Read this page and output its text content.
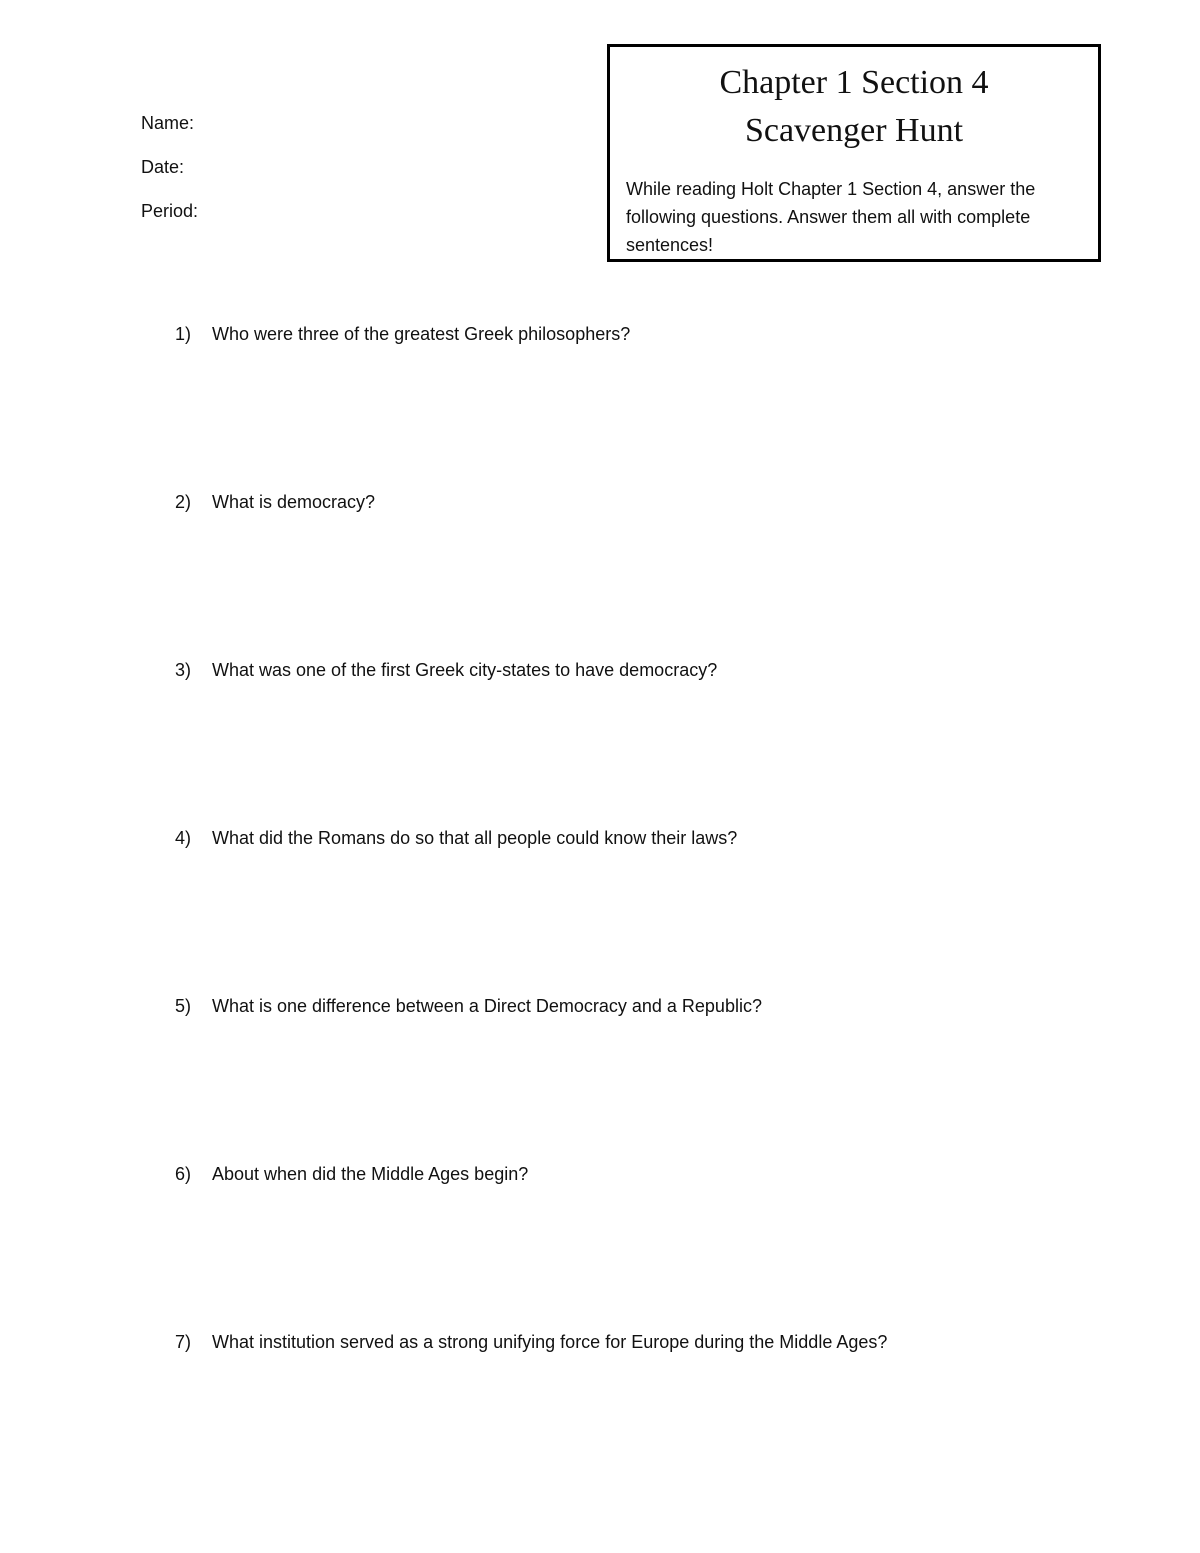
Name:
Date:
Period:
Chapter 1 Section 4
Scavenger Hunt
While reading Holt Chapter 1 Section 4, answer the following questions. Answer them all with complete sentences!
1) Who were three of the greatest Greek philosophers?
2) What is democracy?
3) What was one of the first Greek city-states to have democracy?
4) What did the Romans do so that all people could know their laws?
5) What is one difference between a Direct Democracy and a Republic?
6) About when did the Middle Ages begin?
7) What institution served as a strong unifying force for Europe during the Middle Ages?
